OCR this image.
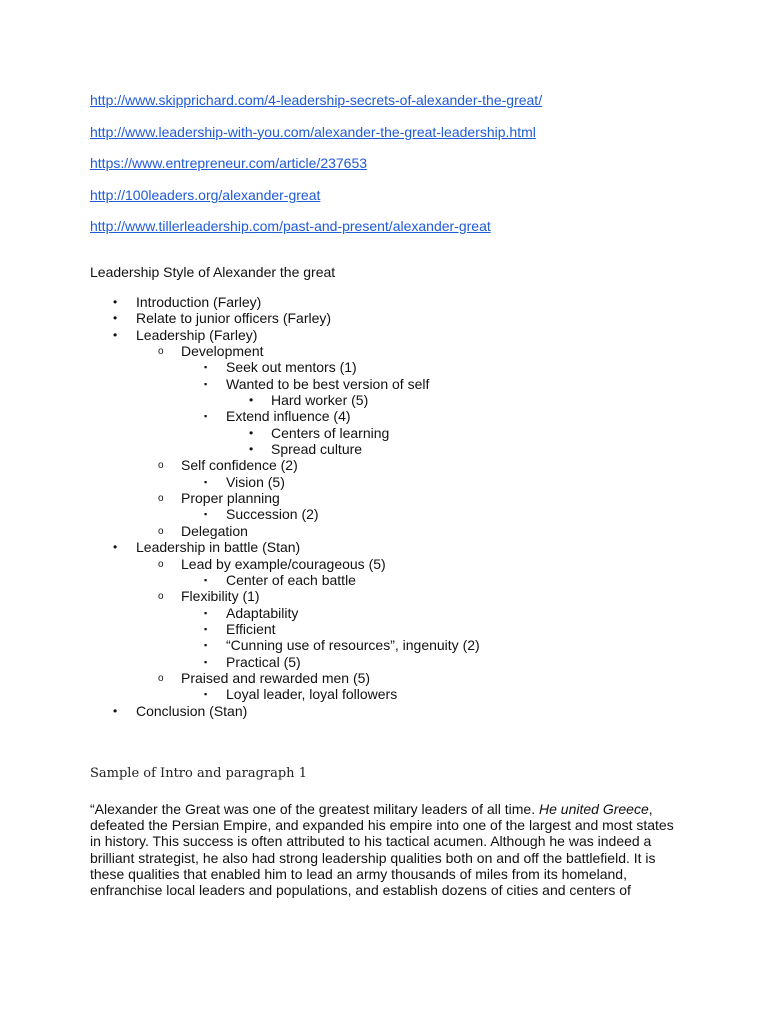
http://www.skipprichard.com/4-leadership-secrets-of-alexander-the-great/
http://www.leadership-with-you.com/alexander-the-great-leadership.html
https://www.entrepreneur.com/article/237653
http://100leaders.org/alexander-great
http://www.tillerleadership.com/past-and-present/alexander-great

Leadership Style of Alexander the great

• Introduction (Farley)
• Relate to junior officers (Farley)
• Leadership (Farley)
o Development
▪ Seek out mentors (1)
▪ Wanted to be best version of self
• Hard worker (5)
▪ Extend influence (4)
• Centers of learning
• Spread culture
o Self confidence (2)
▪ Vision (5)
o Proper planning
▪ Succession (2)
o Delegation
• Leadership in battle (Stan)
o Lead by example/courageous (5)
▪ Center of each battle
o Flexibility (1)
▪ Adaptability
▪ Efficient
▪ “Cunning use of resources”, ingenuity (2)
▪ Practical (5)
o Praised and rewarded men (5)
▪ Loyal leader, loyal followers
• Conclusion (Stan)

Sample of Intro and paragraph 1

“Alexander the Great was one of the greatest military leaders of all time. He united Greece, defeated the Persian Empire, and expanded his empire into one of the largest and most states in history. This success is often attributed to his tactical acumen. Although he was indeed a brilliant strategist, he also had strong leadership qualities both on and off the battlefield. It is these qualities that enabled him to lead an army thousands of miles from its homeland, enfranchise local leaders and populations, and establish dozens of cities and centers of
